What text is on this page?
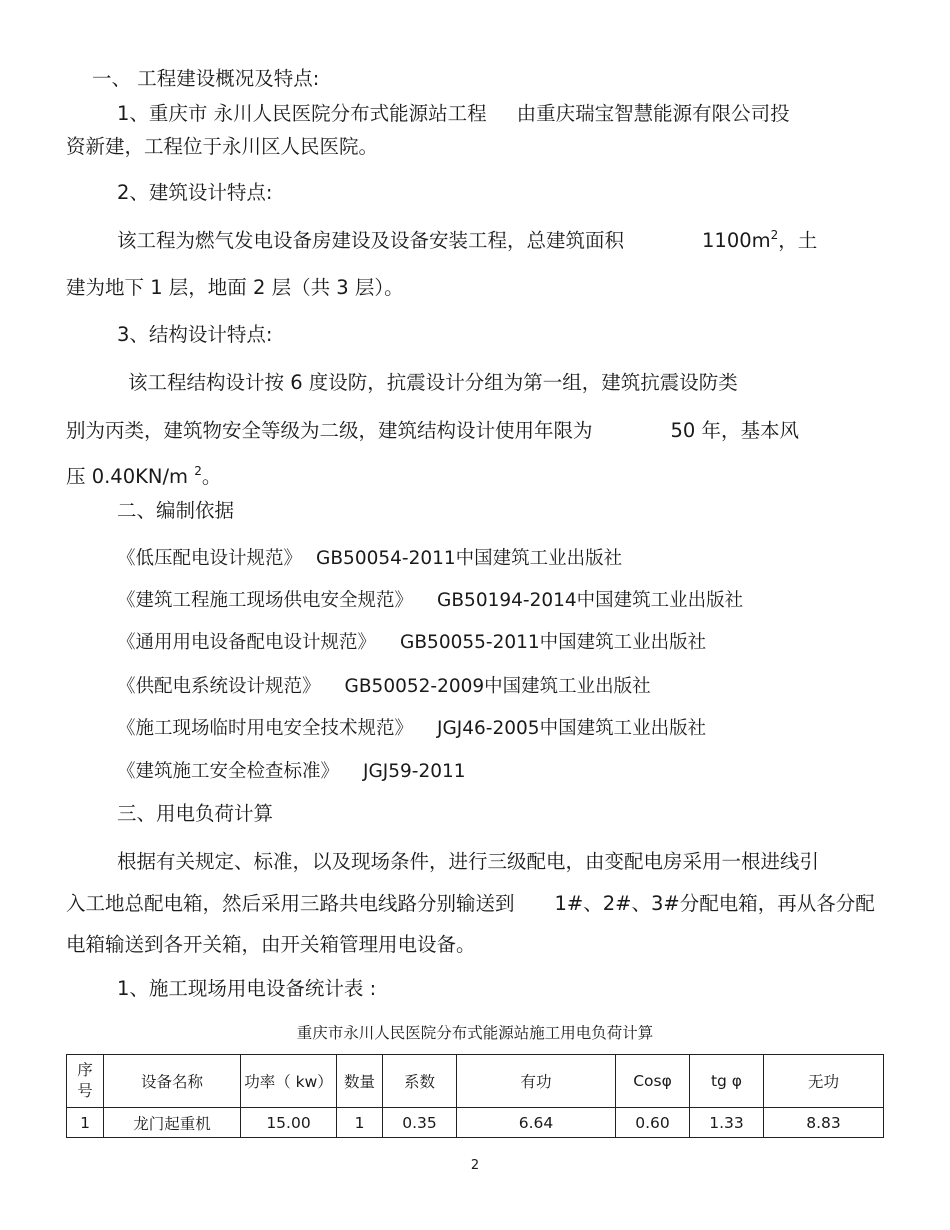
一、 工程建设概况及特点:
1、重庆市 永川人民医院分布式能源站工程 由重庆瑞宝智慧能源有限公司投
资新建，工程位于永川区人民医院。
2、建筑设计特点:
该工程为燃气发电设备房建设及设备安装工程，总建筑面积	$1100m^2$，土
建为地下 1 层，地面 2 层（共 3 层）。
3、结构设计特点:
该工程结构设计按 6 度设防，抗震设计分组为第一组，建筑抗震设防类
别为丙类，建筑物安全等级为二级，建筑结构设计使用年限为	50 年，基本风
压 0.40KN/m $^2$。
二、编制依据
《低压配电设计规范》 GB50054-2011中国建筑工业出版社
《建筑工程施工现场供电安全规范》 GB50194-2014中国建筑工业出版社
《通用用电设备配电设计规范》 GB50055-2011中国建筑工业出版社
《供配电系统设计规范》 GB50052-2009中国建筑工业出版社
《施工现场临时用电安全技术规范》 JGJ46-2005中国建筑工业出版社
《建筑施工安全检查标准》 JGJ59-2011
三、用电负荷计算
根据有关规定、标准，以及现场条件，进行三级配电，由变配电房采用一根进线引
入工地总配电箱，然后采用三路共电线路分别输送到 1#、2#、3#分配电箱，再从各分配
电箱输送到各开关箱，由开关箱管理用电设备。
1、施工现场用电设备统计表 :
重庆市永川人民医院分布式能源站施工用电负荷计算
序
号	设备名称	功率（ kw）	数量	系数	有功	Cosφ	tg φ	无功
1	龙门起重机	15.00	1	0.35	6.64	0.60	1.33	8.83
2
